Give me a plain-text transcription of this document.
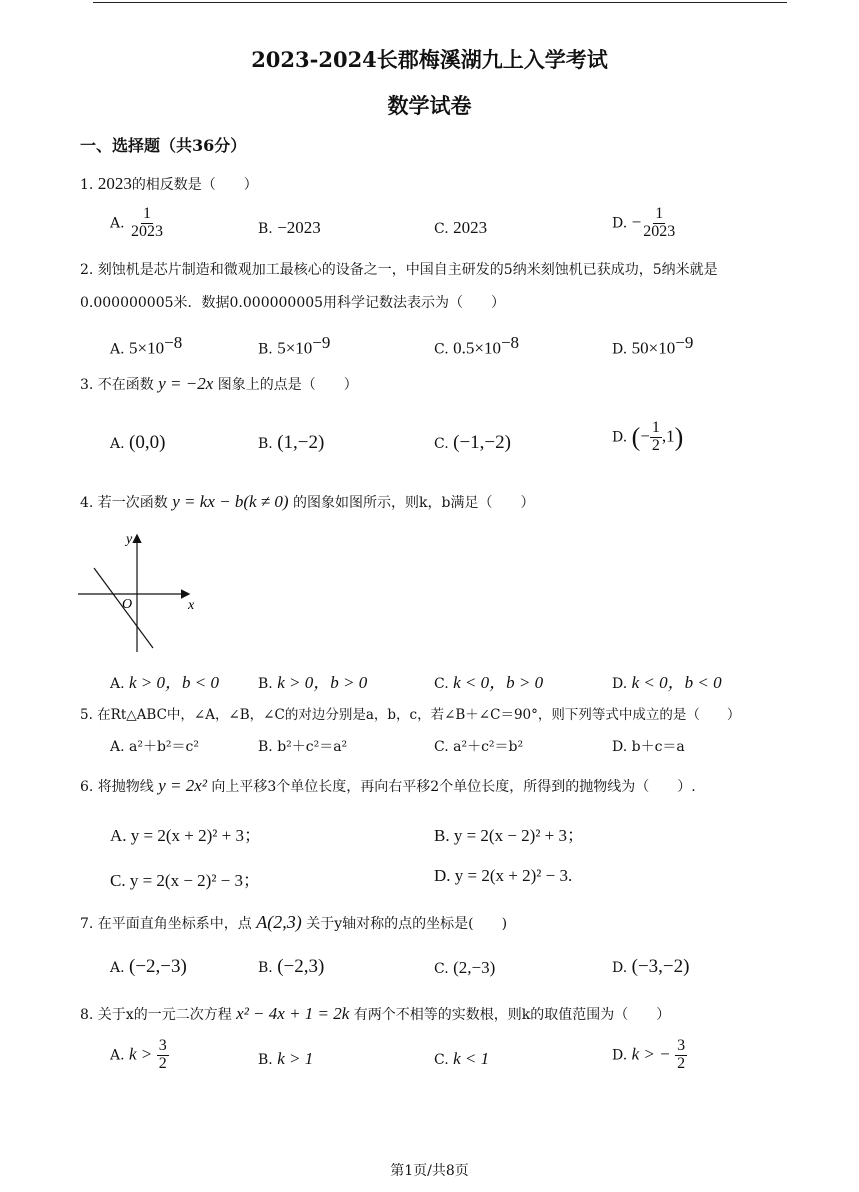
2023-2024长郡梅溪湖九上入学考试
数学试卷
一、选择题（共36分）
1. 2023的相反数是（　　）
A. $\frac{1}{2023}$	B. −2023	C. 2023	D. − $\frac{1}{2023}$
2. 刻蚀机是芯片制造和微观加工最核心的设备之一，中国自主研发的5纳米刻蚀机已获成功，5纳米就是
0.000000005米．数据0.000000005用科学记数法表示为（　　）
A. $5\times 10^{-8}$	B. $5\times 10^{-9}$	C. $0.5\times 10^{-8}$	D. $50\times 10^{-9}$
3. 不在函数 y = −2x 图象上的点是（　　）
A. (0,0)	B. (1,−2)	C. (−1,−2)	D. (− $\frac{1}{2} ,1$)
4. 若一次函数 y = kx − b(k ≠ 0) 的图象如图所示，则k，b满足（　　）
y
x
O
A. k > 0，b < 0	B. k > 0，b > 0	C. k < 0，b > 0	D. k < 0，b < 0
5. 在Rt△ABC中，∠A，∠B，∠C的对边分别是a，b，c，若∠B＋∠C＝90°，则下列等式中成立的是（　　）
A. a²＋b²＝c²	B. b²＋c²＝a²	C. a²＋c²＝b²	D. b＋c＝a
6. 将抛物线 y = 2x² 向上平移3个单位长度，再向右平移2个单位长度，所得到的抛物线为（　　）.
A. y = 2(x + 2)² + 3；	B. y = 2(x − 2)² + 3；
C. y = 2(x − 2)² − 3；	D. y = 2(x + 2)² − 3.
7. 在平面直角坐标系中，点 A(2,3) 关于y轴对称的点的坐标是(　　)
A. (−2,−3)	B. (−2,3)	C. (2,−3)	D. (−3,−2)
8. 关于x的一元二次方程 x² − 4x + 1 = 2k 有两个不相等的实数根，则k的取值范围为（　　）
A. $k > \frac{3}{2}$	B. k > 1	C. k < 1	D. k > − $\frac{3}{2}$
第1页/共8页
